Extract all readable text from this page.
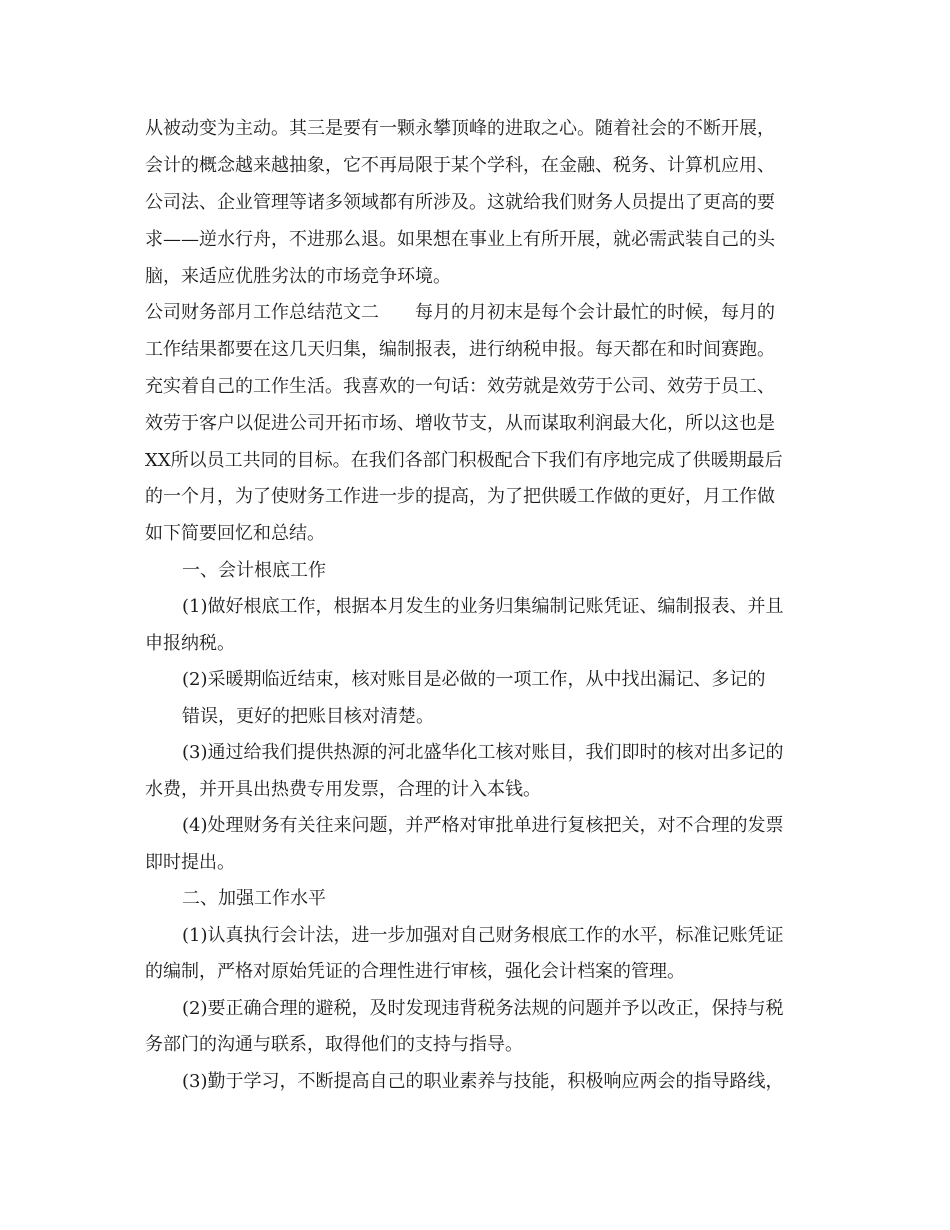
从被动变为主动。其三是要有一颗永攀顶峰的进取之心。随着社会的不断开展，
会计的概念越来越抽象，它不再局限于某个学科，在金融、税务、计算机应用、
公司法、企业管理等诸多领域都有所涉及。这就给我们财务人员提出了更高的要
求——逆水行舟，不进那么退。如果想在事业上有所开展，就必需武装自己的头
脑，来适应优胜劣汰的市场竞争环境。
公司财务部月工作总结范文二　　每月的月初末是每个会计最忙的时候，每月的
工作结果都要在这几天归集，编制报表，进行纳税申报。每天都在和时间赛跑。
充实着自己的工作生活。我喜欢的一句话：效劳就是效劳于公司、效劳于员工、
效劳于客户以促进公司开拓市场、增收节支，从而谋取利润最大化，所以这也是
XX所以员工共同的目标。在我们各部门积极配合下我们有序地完成了供暖期最后
的一个月，为了使财务工作进一步的提高，为了把供暖工作做的更好，月工作做
如下简要回忆和总结。
一、会计根底工作
(1)做好根底工作，根据本月发生的业务归集编制记账凭证、编制报表、并且
申报纳税。
(2)采暖期临近结束，核对账目是必做的一项工作，从中找出漏记、多记的
错误，更好的把账目核对清楚。
(3)通过给我们提供热源的河北盛华化工核对账目，我们即时的核对出多记的
水费，并开具出热费专用发票，合理的计入本钱。
(4)处理财务有关往来问题，并严格对审批单进行复核把关，对不合理的发票
即时提出。
二、加强工作水平
(1)认真执行会计法，进一步加强对自己财务根底工作的水平，标准记账凭证
的编制，严格对原始凭证的合理性进行审核，强化会计档案的管理。
(2)要正确合理的避税，及时发现违背税务法规的问题并予以改正，保持与税
务部门的沟通与联系，取得他们的支持与指导。
(3)勤于学习，不断提高自己的职业素养与技能，积极响应两会的指导路线，
